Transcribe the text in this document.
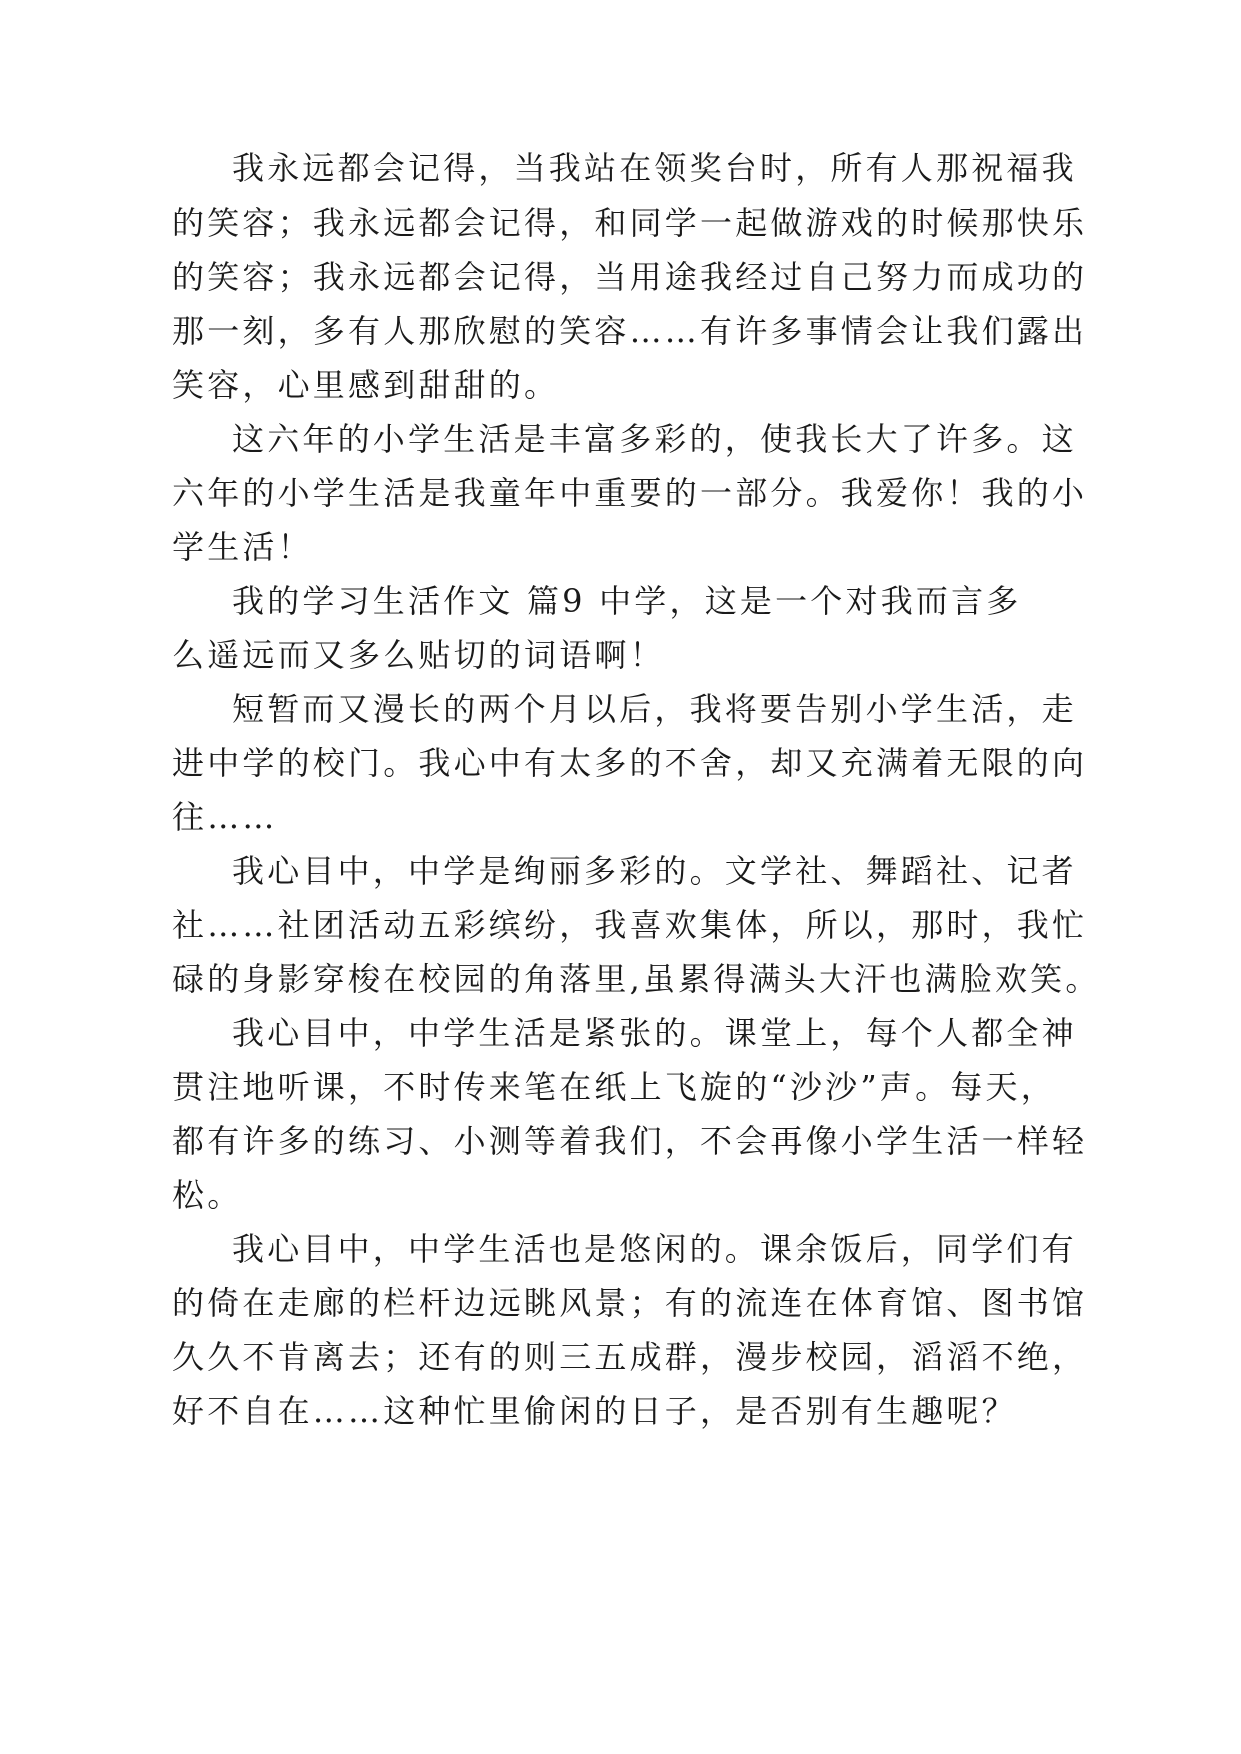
我永远都会记得，当我站在领奖台时，所有人那祝福我
的笑容；我永远都会记得，和同学一起做游戏的时候那快乐
的笑容；我永远都会记得，当用途我经过自己努力而成功的
那一刻，多有人那欣慰的笑容……有许多事情会让我们露出
笑容，心里感到甜甜的。
这六年的小学生活是丰富多彩的，使我长大了许多。这
六年的小学生活是我童年中重要的一部分。我爱你！我的小
学生活！
我的学习生活作文 篇9 中学，这是一个对我而言多
么遥远而又多么贴切的词语啊！
短暂而又漫长的两个月以后，我将要告别小学生活，走
进中学的校门。我心中有太多的不舍，却又充满着无限的向
往……
我心目中，中学是绚丽多彩的。文学社、舞蹈社、记者
社……社团活动五彩缤纷，我喜欢集体，所以，那时，我忙
碌的身影穿梭在校园的角落里,虽累得满头大汗也满脸欢笑。
我心目中，中学生活是紧张的。课堂上，每个人都全神
贯注地听课，不时传来笔在纸上飞旋的“沙沙”声。每天，
都有许多的练习、小测等着我们，不会再像小学生活一样轻
松。
我心目中，中学生活也是悠闲的。课余饭后，同学们有
的倚在走廊的栏杆边远眺风景；有的流连在体育馆、图书馆
久久不肯离去；还有的则三五成群，漫步校园，滔滔不绝，
好不自在……这种忙里偷闲的日子，是否别有生趣呢？
